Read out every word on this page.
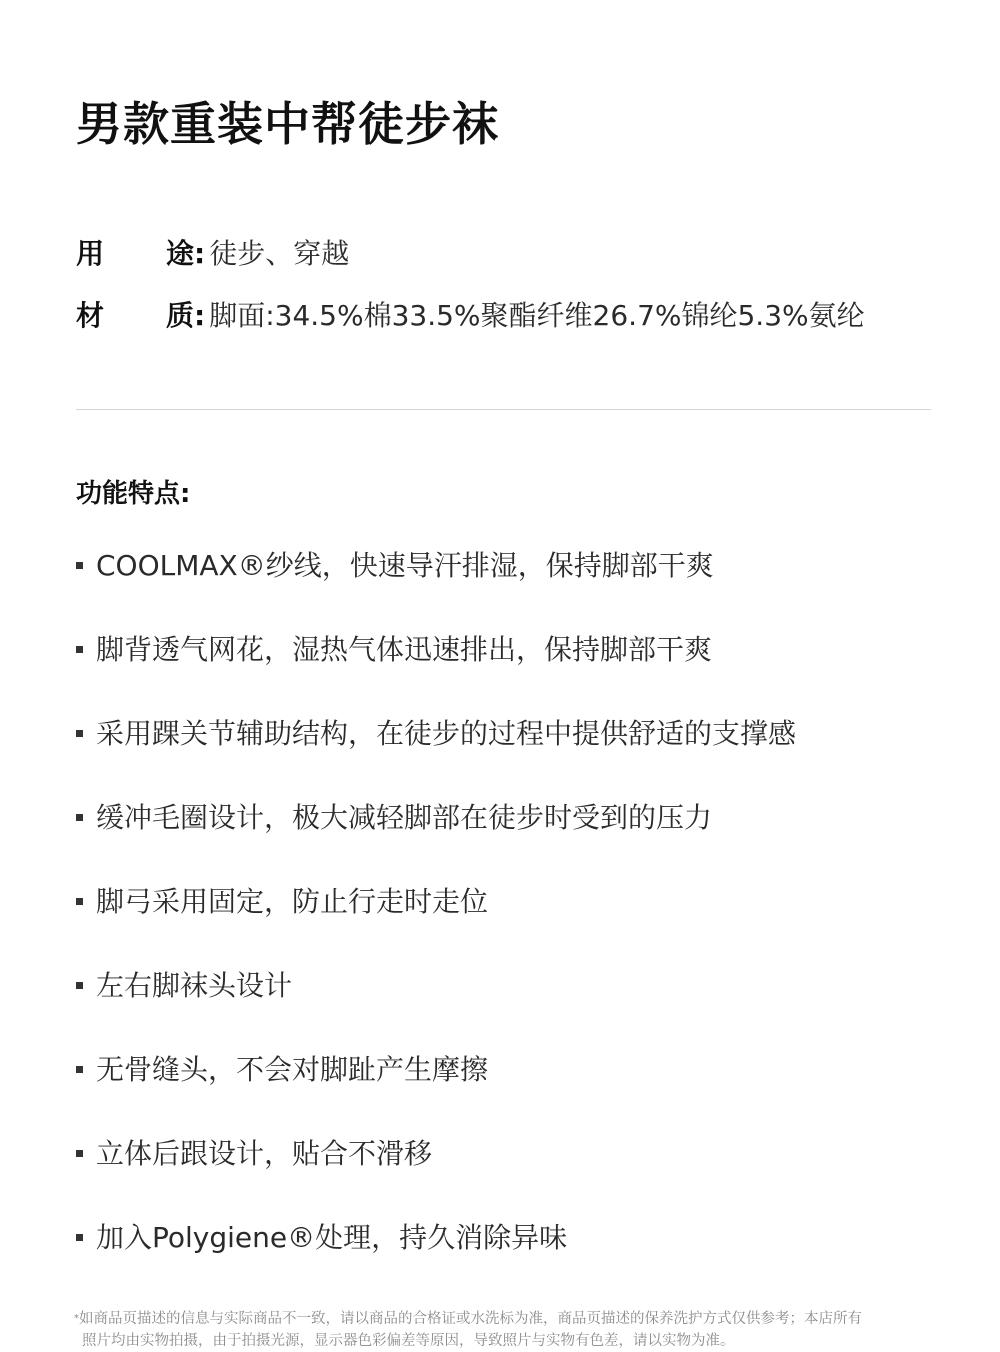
男款重装中帮徒步袜
用	途: 徒步、穿越
材	质: 脚面:34.5%棉33.5%聚酯纤维26.7%锦纶5.3%氨纶
功能特点:
COOLMAX®纱线，快速导汗排湿，保持脚部干爽
脚背透气网花，湿热气体迅速排出，保持脚部干爽
采用踝关节辅助结构，在徒步的过程中提供舒适的支撑感
缓冲毛圈设计，极大减轻脚部在徒步时受到的压力
脚弓采用固定，防止行走时走位
左右脚袜头设计
无骨缝头，不会对脚趾产生摩擦
立体后跟设计，贴合不滑移
加入Polygiene®处理，持久消除异味
*如商品页描述的信息与实际商品不一致，请以商品的合格证或水洗标为准，商品页描述的保养洗护方式仅供参考；本店所有
照片均由实物拍摄，由于拍摄光源，显示器色彩偏差等原因，导致照片与实物有色差，请以实物为准。
